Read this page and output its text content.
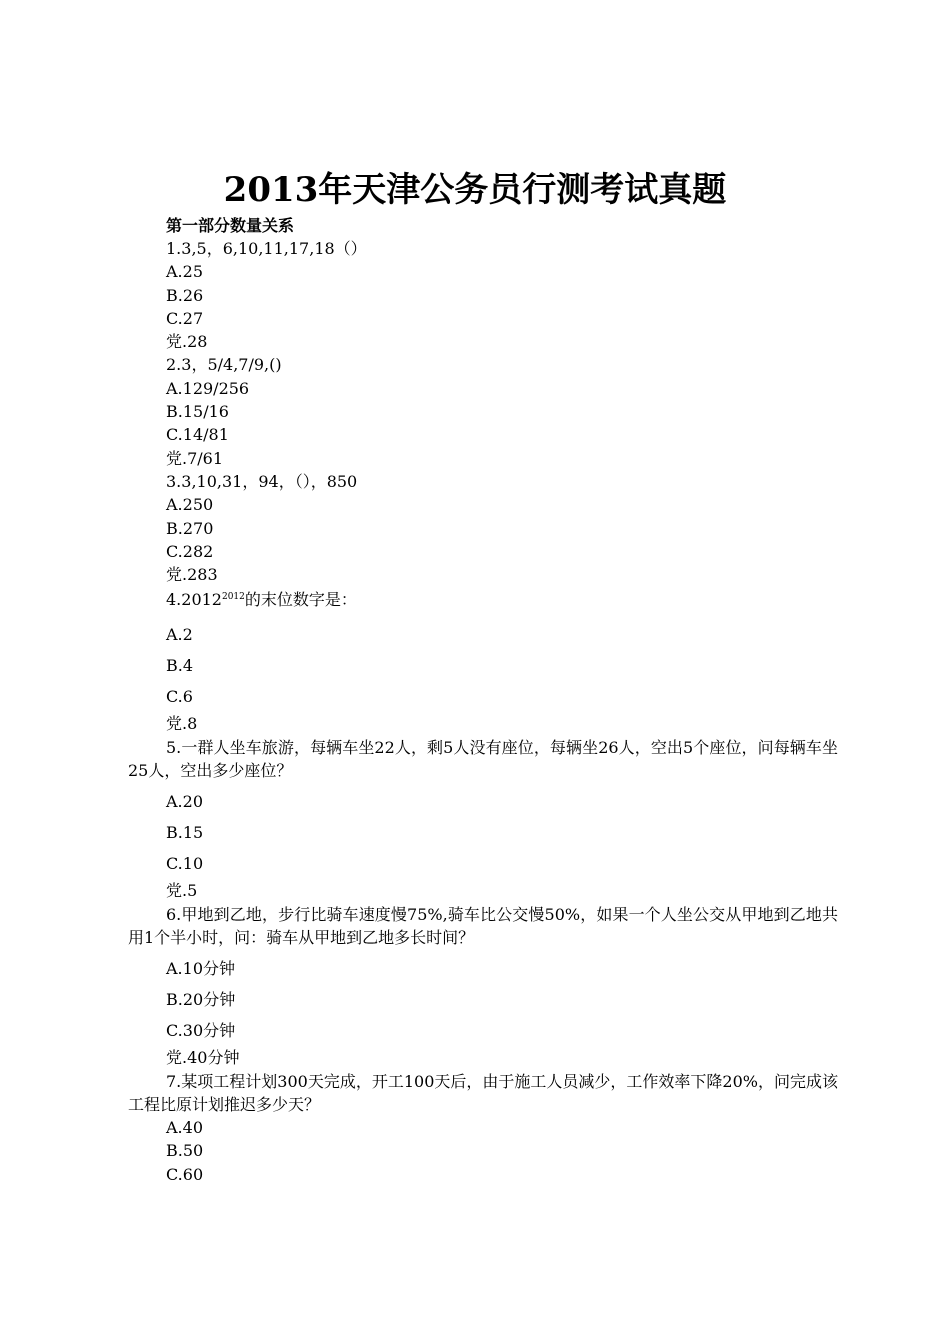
2013年天津公务员行测考试真题

第一部分数量关系

1.3,5，6,10,11,17,18（）

A.25

B.26

C.27

党.28

2.3，5/4,7/9,()

A.129/256

B.15/16

C.14/81

党.7/61

3.3,10,31，94，（），850

A.250

B.270

C.282

党.283

$4.2012^{2012}$的末位数字是：

A.2

B.4

C.6

党.8

5.一群人坐车旅游，每辆车坐22人，剩5人没有座位，每辆坐26人，空出5个座位，问每辆车坐25人，空出多少座位？

A.20

B.15

C.10

党.5

6.甲地到乙地，步行比骑车速度慢75%,骑车比公交慢50%，如果一个人坐公交从甲地到乙地共用1个半小时，问：骑车从甲地到乙地多长时间？

A.10分钟

B.20分钟

C.30分钟

党.40分钟

7.某项工程计划300天完成，开工100天后，由于施工人员减少，工作效率下降20%，问完成该工程比原计划推迟多少天？

A.40

B.50

C.60
